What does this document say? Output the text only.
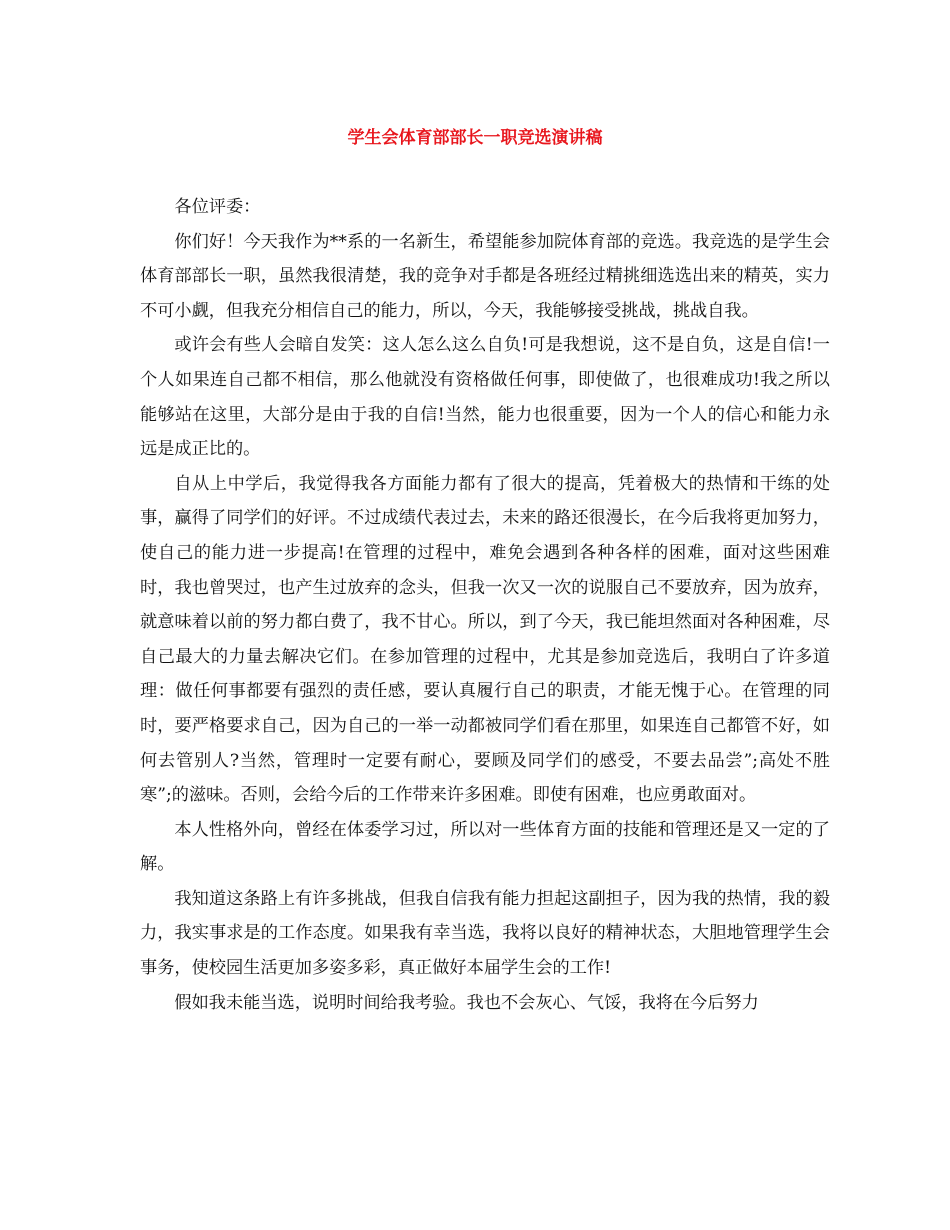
学生会体育部部长一职竞选演讲稿

各位评委：

你们好！今天我作为**系的一名新生，希望能参加院体育部的竞选。我竞选的是学生会体育部部长一职，虽然我很清楚，我的竞争对手都是各班经过精挑细选选出来的精英，实力不可小觑，但我充分相信自己的能力，所以，今天，我能够接受挑战，挑战自我。

或许会有些人会暗自发笑：这人怎么这么自负!可是我想说，这不是自负，这是自信!一个人如果连自己都不相信，那么他就没有资格做任何事，即使做了，也很难成功!我之所以能够站在这里，大部分是由于我的自信!当然，能力也很重要，因为一个人的信心和能力永远是成正比的。

自从上中学后，我觉得我各方面能力都有了很大的提高，凭着极大的热情和干练的处事，赢得了同学们的好评。不过成绩代表过去，未来的路还很漫长，在今后我将更加努力，使自己的能力进一步提高!在管理的过程中，难免会遇到各种各样的困难，面对这些困难时，我也曾哭过，也产生过放弃的念头，但我一次又一次的说服自己不要放弃，因为放弃，就意味着以前的努力都白费了，我不甘心。所以，到了今天，我已能坦然面对各种困难，尽自己最大的力量去解决它们。在参加管理的过程中，尤其是参加竞选后，我明白了许多道理：做任何事都要有强烈的责任感，要认真履行自己的职责，才能无愧于心。在管理的同时，要严格要求自己，因为自己的一举一动都被同学们看在那里，如果连自己都管不好，如何去管别人?当然，管理时一定要有耐心，要顾及同学们的感受，不要去品尝”;高处不胜寒”;的滋味。否则，会给今后的工作带来许多困难。即使有困难，也应勇敢面对。

本人性格外向，曾经在体委学习过，所以对一些体育方面的技能和管理还是又一定的了解。

我知道这条路上有许多挑战，但我自信我有能力担起这副担子，因为我的热情，我的毅力，我实事求是的工作态度。如果我有幸当选，我将以良好的精神状态，大胆地管理学生会事务，使校园生活更加多姿多彩，真正做好本届学生会的工作!

假如我未能当选，说明时间给我考验。我也不会灰心、气馁，我将在今后努力
